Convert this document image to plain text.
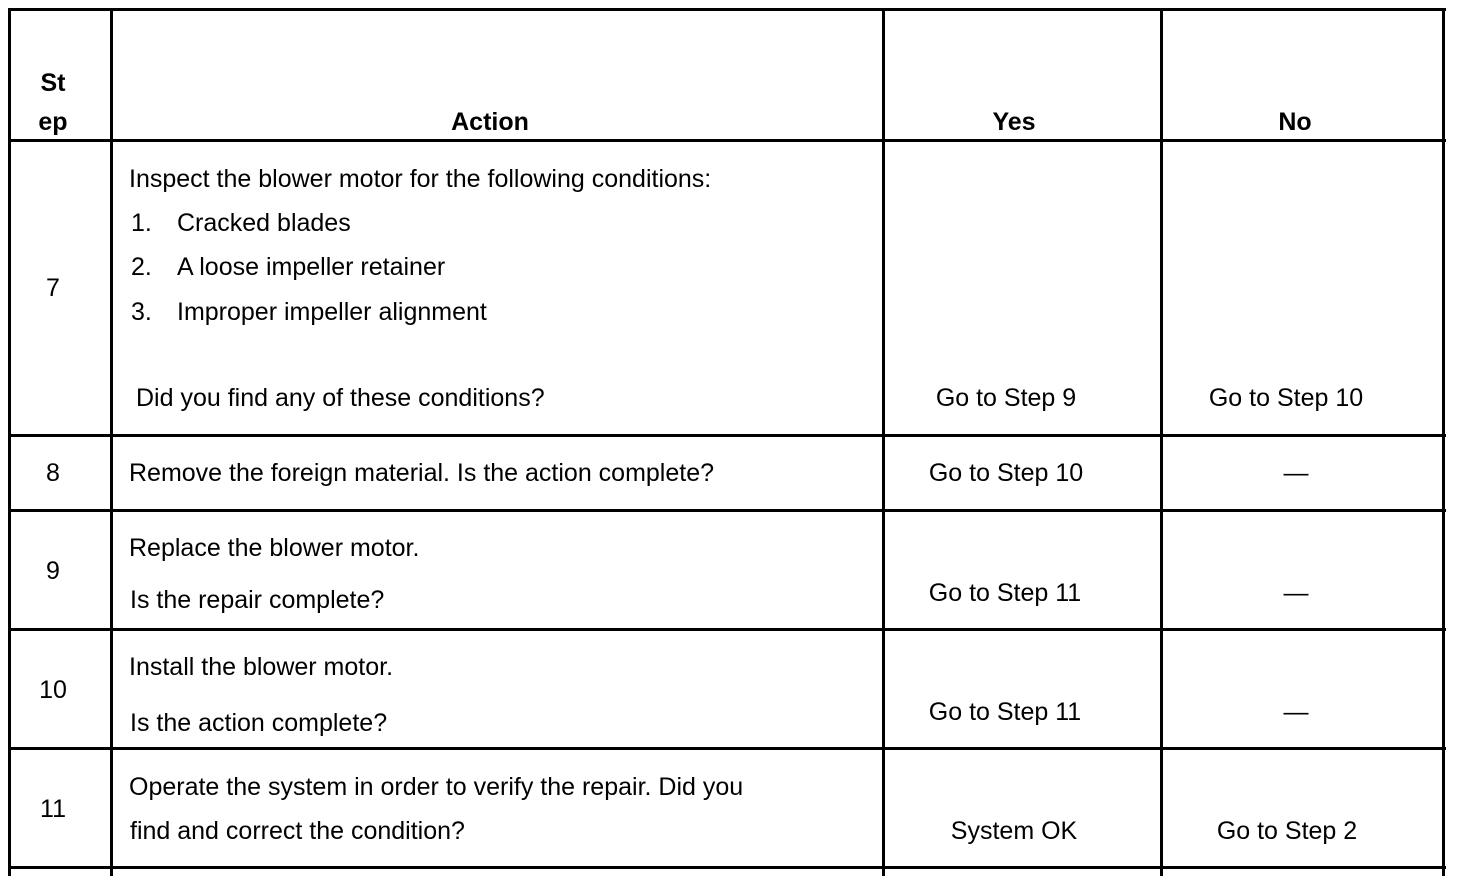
St
ep	Action	Yes	No
7
Inspect the blower motor for the following conditions:
1. Cracked blades
2. A loose impeller retainer
3. Improper impeller alignment
Did you find any of these conditions?	Go to Step 9	Go to Step 10
8	Remove the foreign material. Is the action complete?	Go to Step 10	—
9
Replace the blower motor.
Is the repair complete?	Go to Step 11	—
10
Install the blower motor.
Is the action complete?	Go to Step 11	—
11
Operate the system in order to verify the repair. Did you
find and correct the condition?	System OK	Go to Step 2
